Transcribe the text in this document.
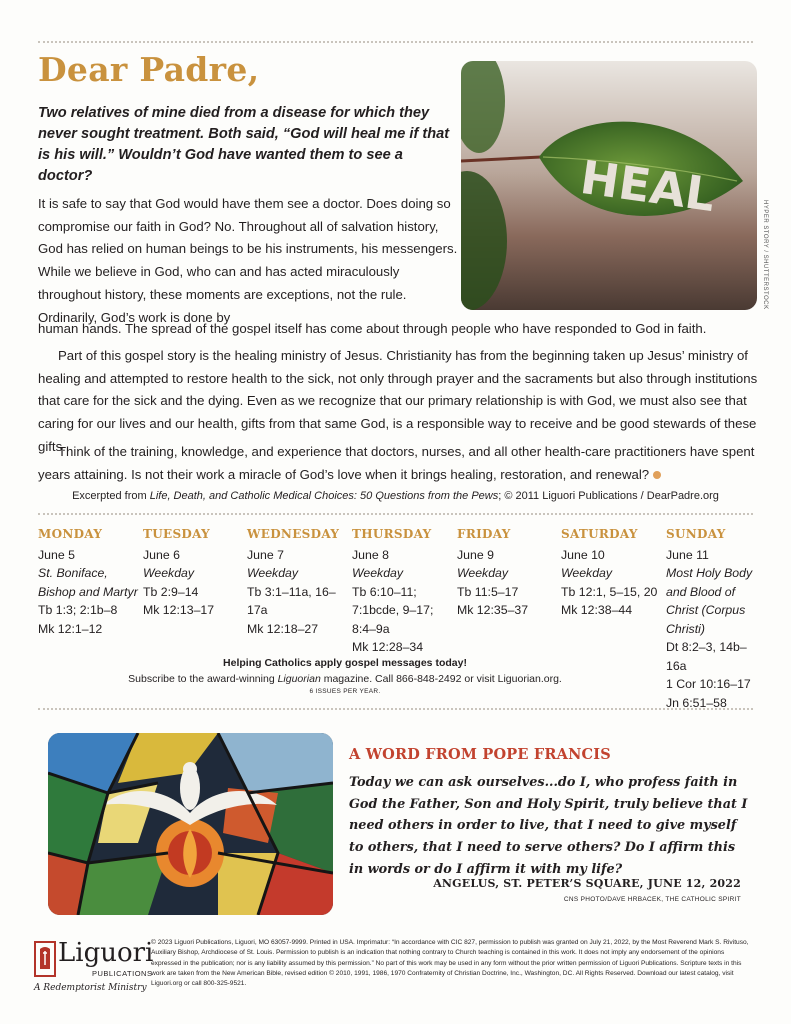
Dear Padre,
Two relatives of mine died from a disease for which they never sought treatment. Both said, “God will heal me if that is his will.” Wouldn’t God have wanted them to see a doctor?	HEAL
HYPER STORY / SHUTTERSTOCK
It is safe to say that God would have them see a doctor. Does doing so compromise our faith in God? No. Throughout all of salvation history, God has relied on human beings to be his instruments, his messengers. While we believe in God, who can and has acted miraculously throughout history, these moments are exceptions, not the rule. Ordinarily, God’s work is done by
human hands. The spread of the gospel itself has come about through people who have responded to God in faith.
Part of this gospel story is the healing ministry of Jesus. Christianity has from the beginning taken up Jesus’ ministry of healing and attempted to restore health to the sick, not only through prayer and the sacraments but also through institutions that care for the sick and the dying. Even as we recognize that our primary relationship is with God, we must also see that caring for our lives and our health, gifts from that same God, is a responsible way to receive and be good stewards of these gifts.
Think of the training, knowledge, and experience that doctors, nurses, and all other health-care practitioners have spent years attaining. Is not their work a miracle of God’s love when it brings healing, restoration, and renewal?
Excerpted from Life, Death, and Catholic Medical Choices: 50 Questions from the Pews; © 2011 Liguori Publications / DearPadre.org
MONDAY
June 5
St. Boniface, Bishop and Martyr
Tb 1:3; 2:1b–8
Mk 12:1–12
TUESDAY
June 6
Weekday
Tb 2:9–14
Mk 12:13–17
WEDNESDAY
June 7
Weekday
Tb 3:1–11a, 16–17a
Mk 12:18–27
THURSDAY
June 8
Weekday
Tb 6:10–11; 7:1bcde, 9–17; 8:4–9a
Mk 12:28–34
FRIDAY
June 9
Weekday
Tb 11:5–17
Mk 12:35–37
SATURDAY
June 10
Weekday
Tb 12:1, 5–15, 20
Mk 12:38–44
SUNDAY
June 11
Most Holy Body and Blood of Christ (Corpus Christi)
Dt 8:2–3, 14b–16a
1 Cor 10:16–17
Jn 6:51–58
Helping Catholics apply gospel messages today!
Subscribe to the award-winning Liguorian magazine. Call 866-848-2492 or visit Liguorian.org.
6 ISSUES PER YEAR.
A WORD FROM POPE FRANCIS
Today we can ask ourselves...do I, who profess faith in God the Father, Son and Holy Spirit, truly believe that I need others in order to live, that I need to give myself to others, that I need to serve others? Do I affirm this in words or do I affirm it with my life?
ANGELUS, ST. PETER’S SQUARE, JUNE 12, 2022
CNS PHOTO/DAVE HRBACEK, THE CATHOLIC SPIRIT
Liguori
PUBLICATIONS
A Redemptorist Ministry
© 2023 Liguori Publications, Liguori, MO 63057-9999. Printed in USA. Imprimatur: “In accordance with CIC 827, permission to publish was granted on July 21, 2022, by the Most Reverend Mark S. Rivituso, Auxiliary Bishop, Archdiocese of St. Louis. Permission to publish is an indication that nothing contrary to Church teaching is contained in this work. It does not imply any endorsement of the opinions expressed in the publication; nor is any liability assumed by this permission.” No part of this work may be used in any form without the prior written permission of Liguori Publications. Scripture texts in this work are taken from the New American Bible, revised edition © 2010, 1991, 1986, 1970 Confraternity of Christian Doctrine, Inc., Washington, DC. All Rights Reserved. Download our latest catalog, visit Liguori.org or call 800-325-9521.
